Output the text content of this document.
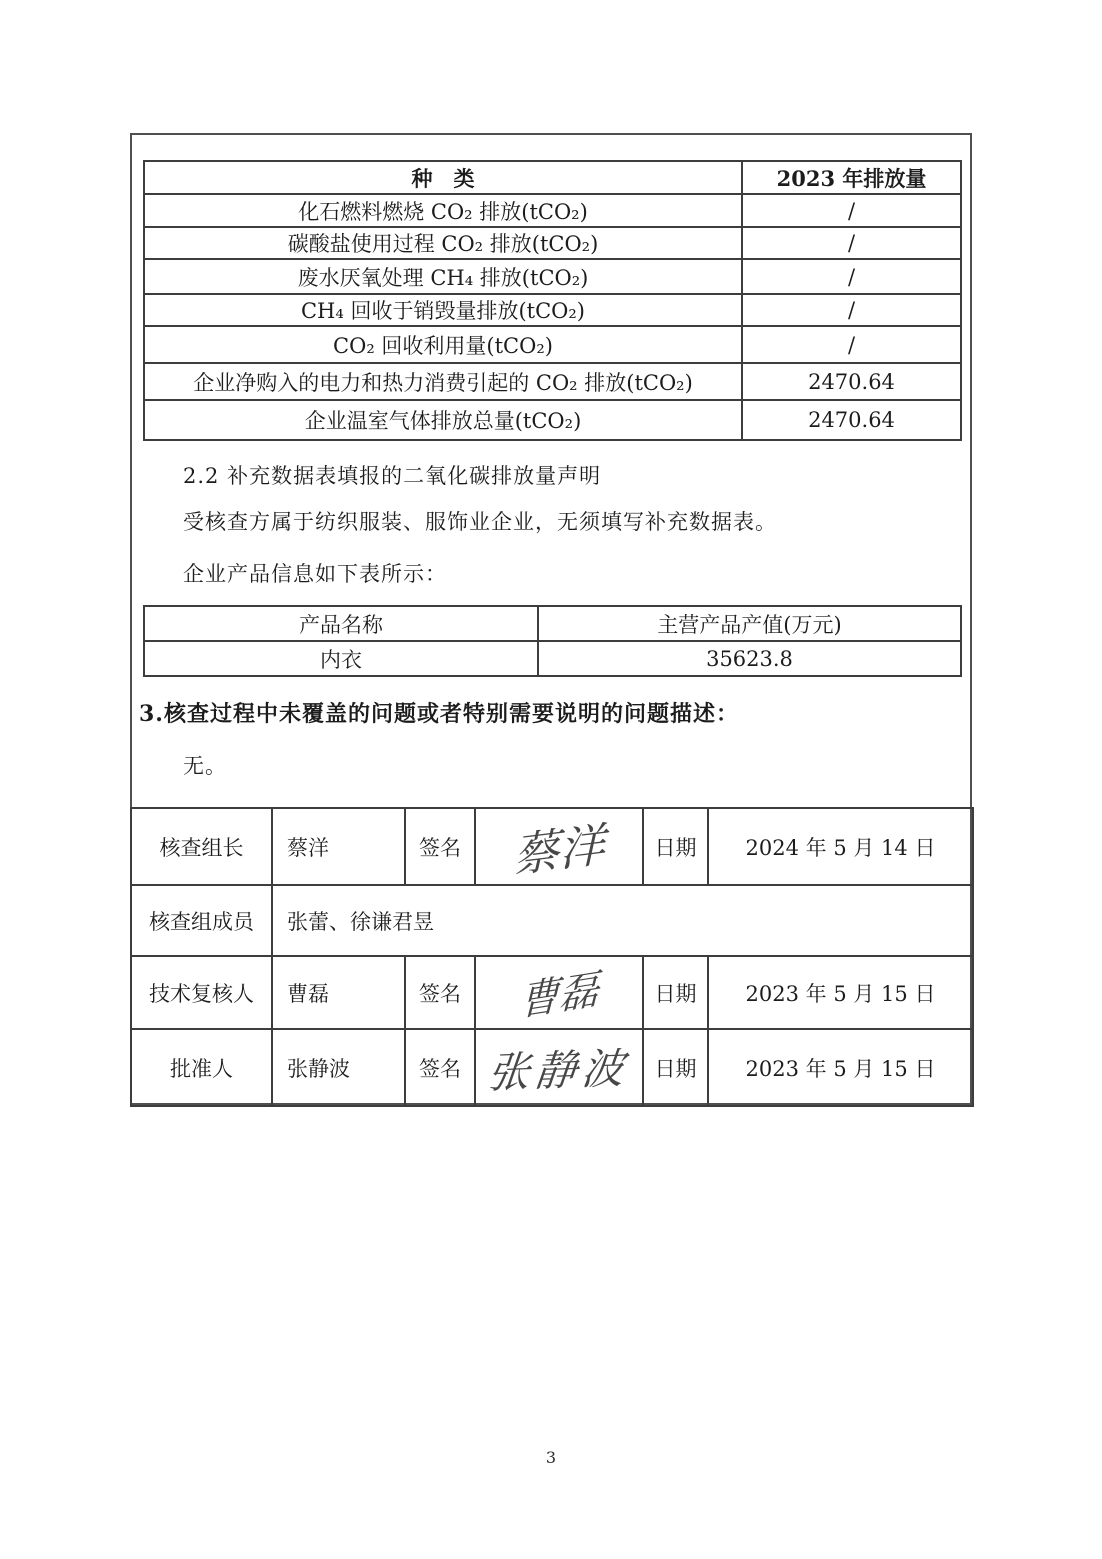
种　类	2023 年排放量
化石燃料燃烧 CO₂ 排放(tCO₂)	/
碳酸盐使用过程 CO₂ 排放(tCO₂)	/
废水厌氧处理 CH₄ 排放(tCO₂)	/
CH₄ 回收于销毁量排放(tCO₂)	/
CO₂ 回收利用量(tCO₂)	/
企业净购入的电力和热力消费引起的 CO₂ 排放(tCO₂)	2470.64
企业温室气体排放总量(tCO₂)	2470.64
2.2 补充数据表填报的二氧化碳排放量声明
受核查方属于纺织服装、服饰业企业，无须填写补充数据表。
企业产品信息如下表所示：
产品名称	主营产品产值(万元)
内衣	35623.8
3.核查过程中未覆盖的问题或者特别需要说明的问题描述：
无。
核查组长	蔡洋	签名	蔡洋	日期	2024 年 5 月 14 日
核查组成员	张蕾、徐谦君昱				
技术复核人	曹磊	签名	曹磊	日期	2023 年 5 月 15 日
批准人	张静波	签名	张静波	日期	2023 年 5 月 15 日
3
